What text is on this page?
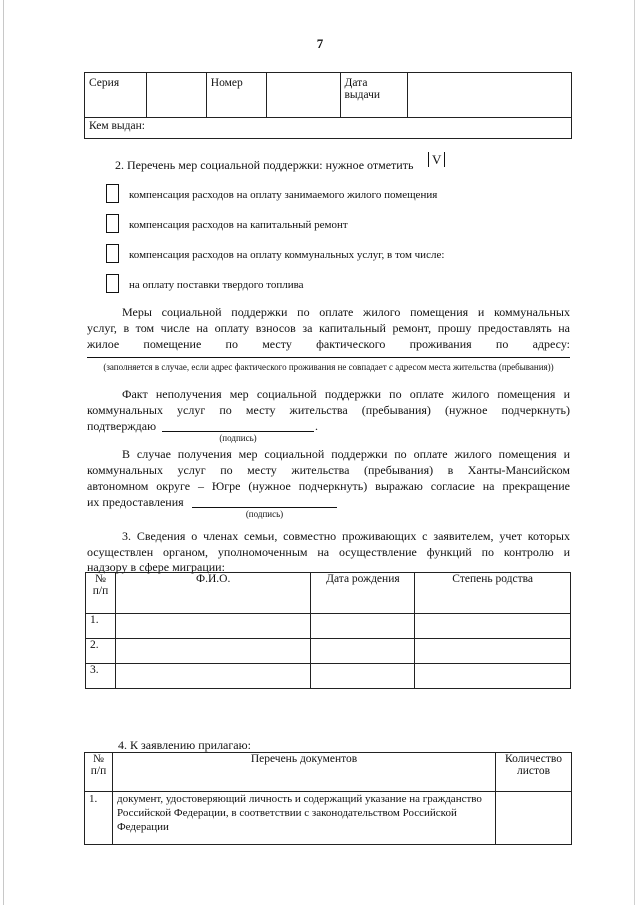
7
Серия		Номер		Дата выдачи	
Кем выдан:
2. Перечень мер социальной поддержки: нужное отметить	V
компенсация расходов на оплату занимаемого жилого помещения
компенсация расходов на капитальный ремонт
компенсация расходов на оплату коммунальных услуг, в том числе:
на оплату поставки твердого топлива
Меры социальной поддержки по оплате жилого помещения и коммунальных
услуг, в том числе на оплату взносов за капитальный ремонт, прошу предоставлять на
жилое помещение по месту фактического проживания по адресу:
(заполняется в случае, если адрес фактического проживания не совпадает с адресом места жительства (пребывания))
Факт неполучения мер социальной поддержки по оплате жилого помещения и
коммунальных услуг по месту жительства (пребывания) (нужное подчеркнуть)
подтверждаю	.
(подпись)
В случае получения мер социальной поддержки по оплате жилого помещения и
коммунальных услуг по месту жительства (пребывания) в Ханты-Мансийском
автономном округе – Югре (нужное подчеркнуть) выражаю согласие на прекращение
их предоставления
(подпись)
3. Сведения о членах семьи, совместно проживающих с заявителем, учет которых
осуществлен органом, уполномоченным на осуществление функций по контролю и
надзору в сфере миграции:
№ п/п	Ф.И.О.	Дата рождения	Степень родства
1.			
2.			
3.			
4. К заявлению прилагаю:
№ п/п	Перечень документов	Количество листов
1.	документ, удостоверяющий личность и содержащий указание на гражданство Российской Федерации, в соответствии с законодательством Российской Федерации	
